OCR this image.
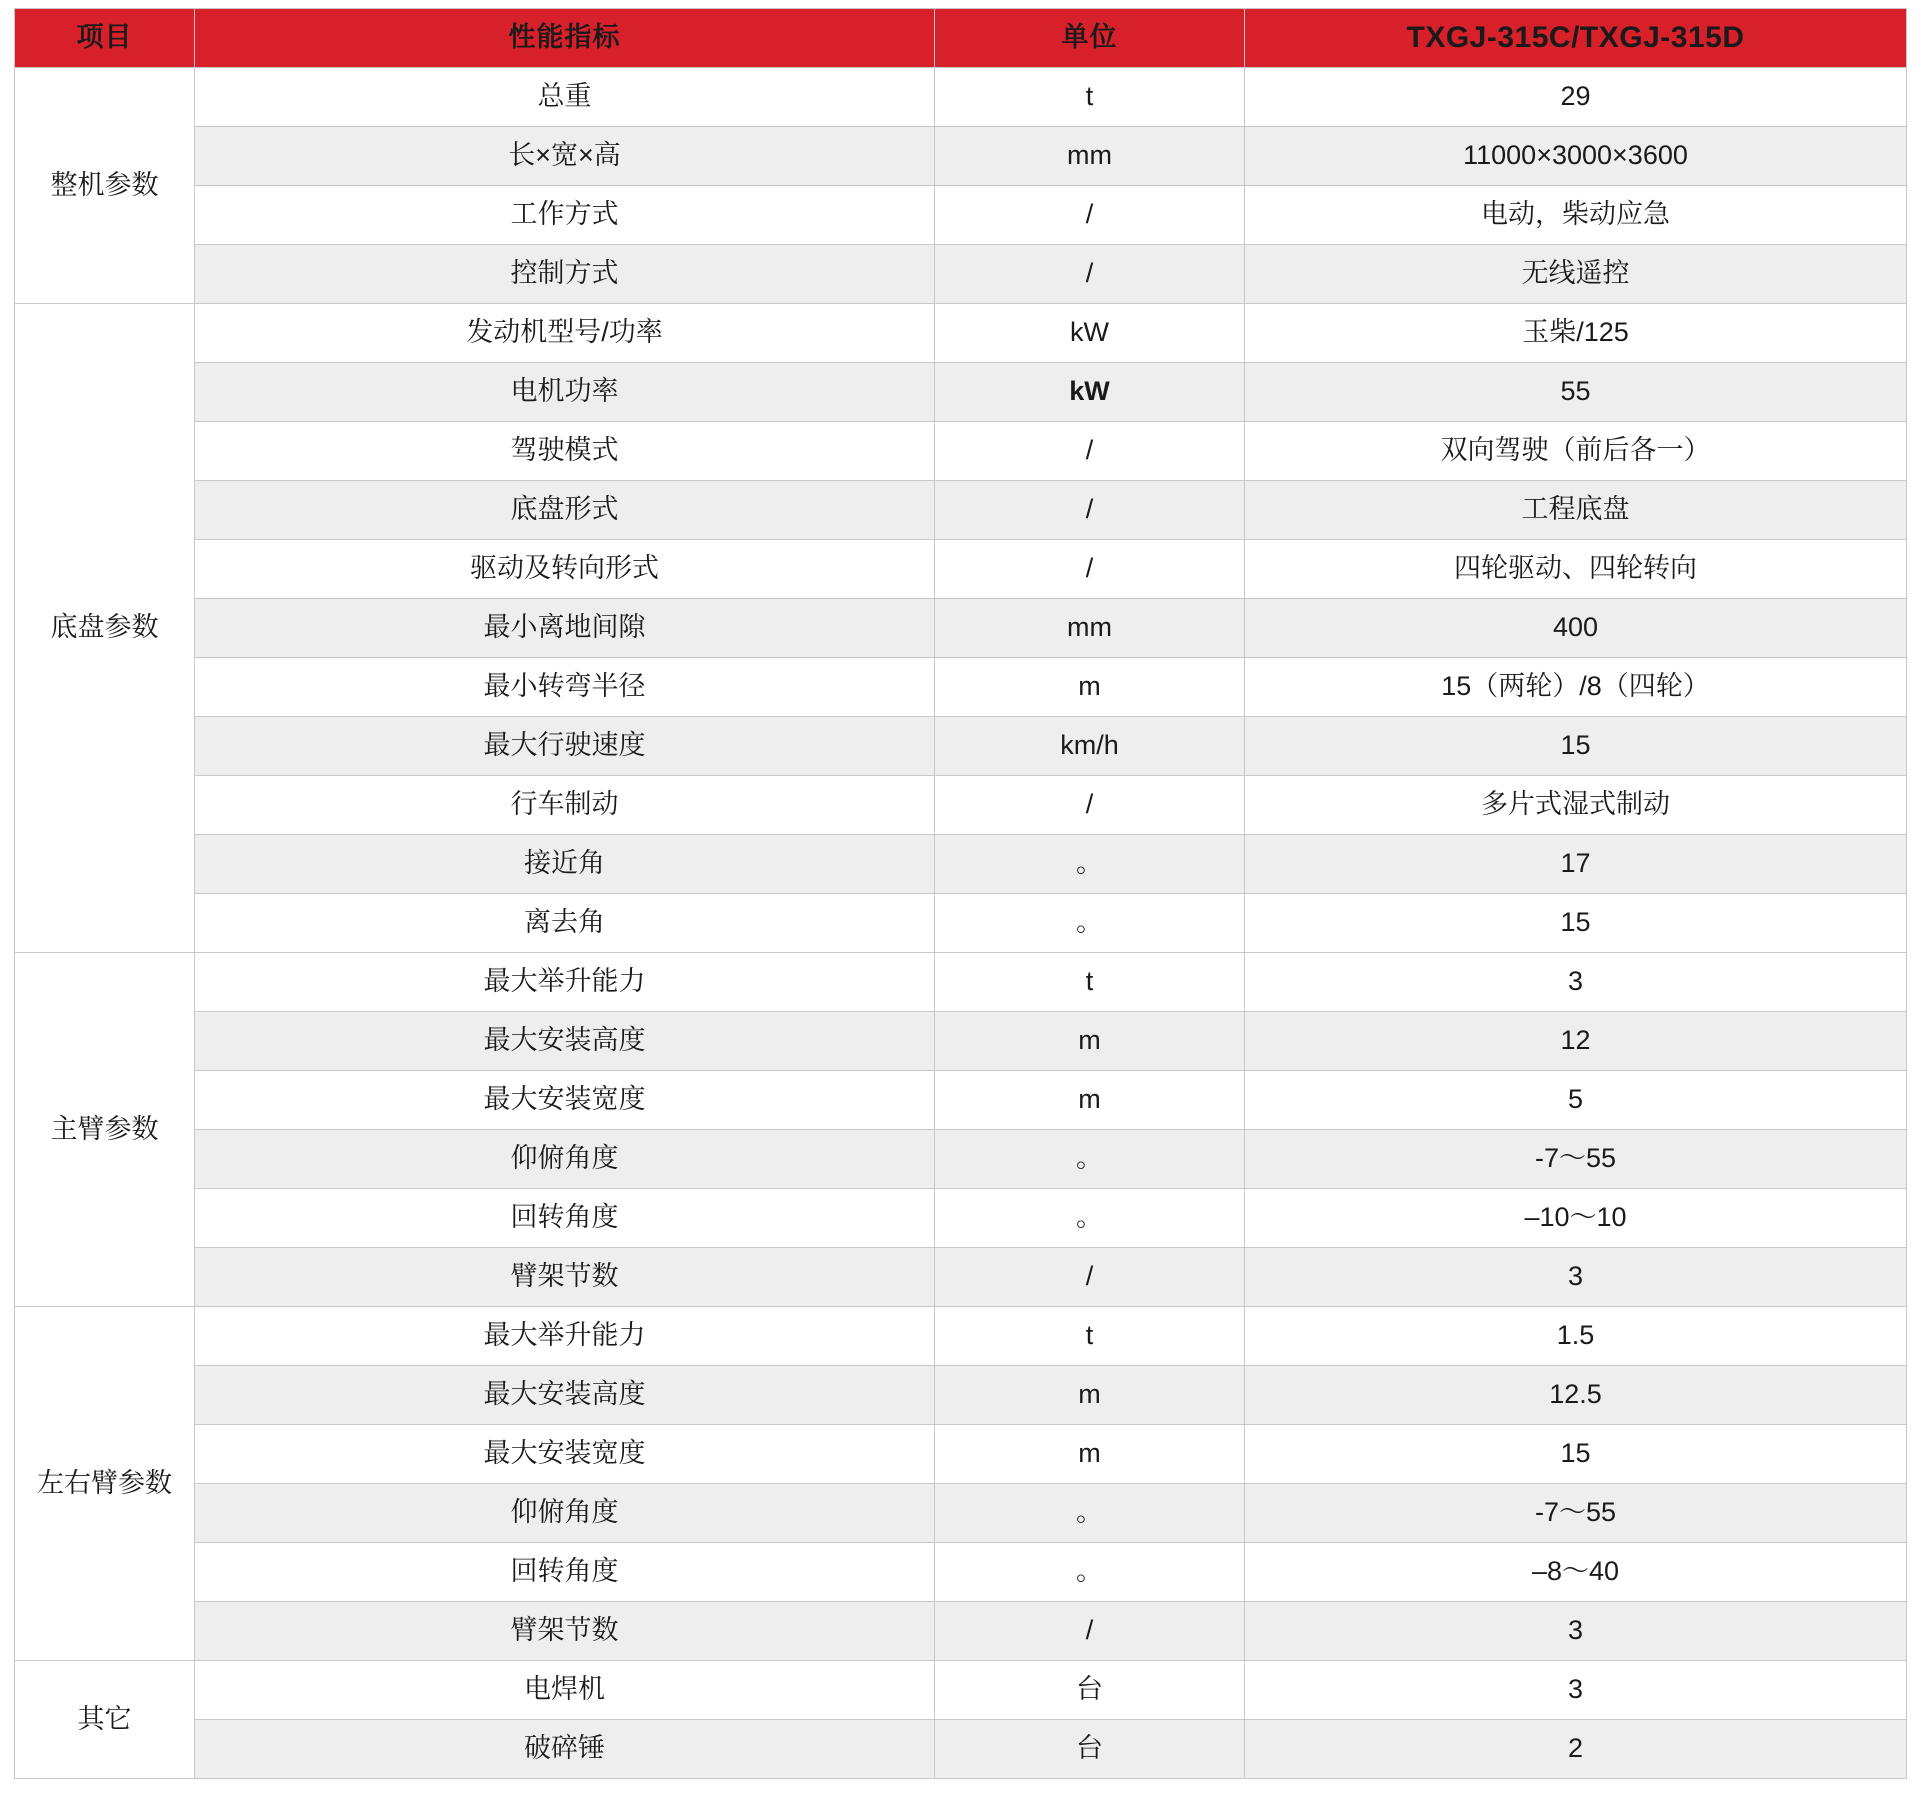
项目	性能指标	单位	TXGJ-315C/TXGJ-315D
整机参数	总重	t	29
	长×宽×高	mm	11000×3000×3600
	工作方式	/	电动，柴动应急
	控制方式	/	无线遥控
底盘参数	发动机型号/功率	kW	玉柴/125
	电机功率	kW	55
	驾驶模式	/	双向驾驶（前后各一）
	底盘形式	/	工程底盘
	驱动及转向形式	/	四轮驱动、四轮转向
	最小离地间隙	mm	400
	最小转弯半径	m	15（两轮）/8（四轮）
	最大行驶速度	km/h	15
	行车制动	/	多片式湿式制动
	接近角	。	17
	离去角	。	15
主臂参数	最大举升能力	t	3
	最大安装高度	m	12
	最大安装宽度	m	5
	仰俯角度	。	-7～55
	回转角度	。	–10～10
	臂架节数	/	3
左右臂参数	最大举升能力	t	1.5
	最大安装高度	m	12.5
	最大安装宽度	m	15
	仰俯角度	。	-7～55
	回转角度	。	–8～40
	臂架节数	/	3
其它	电焊机	台	3
	破碎锤	台	2
